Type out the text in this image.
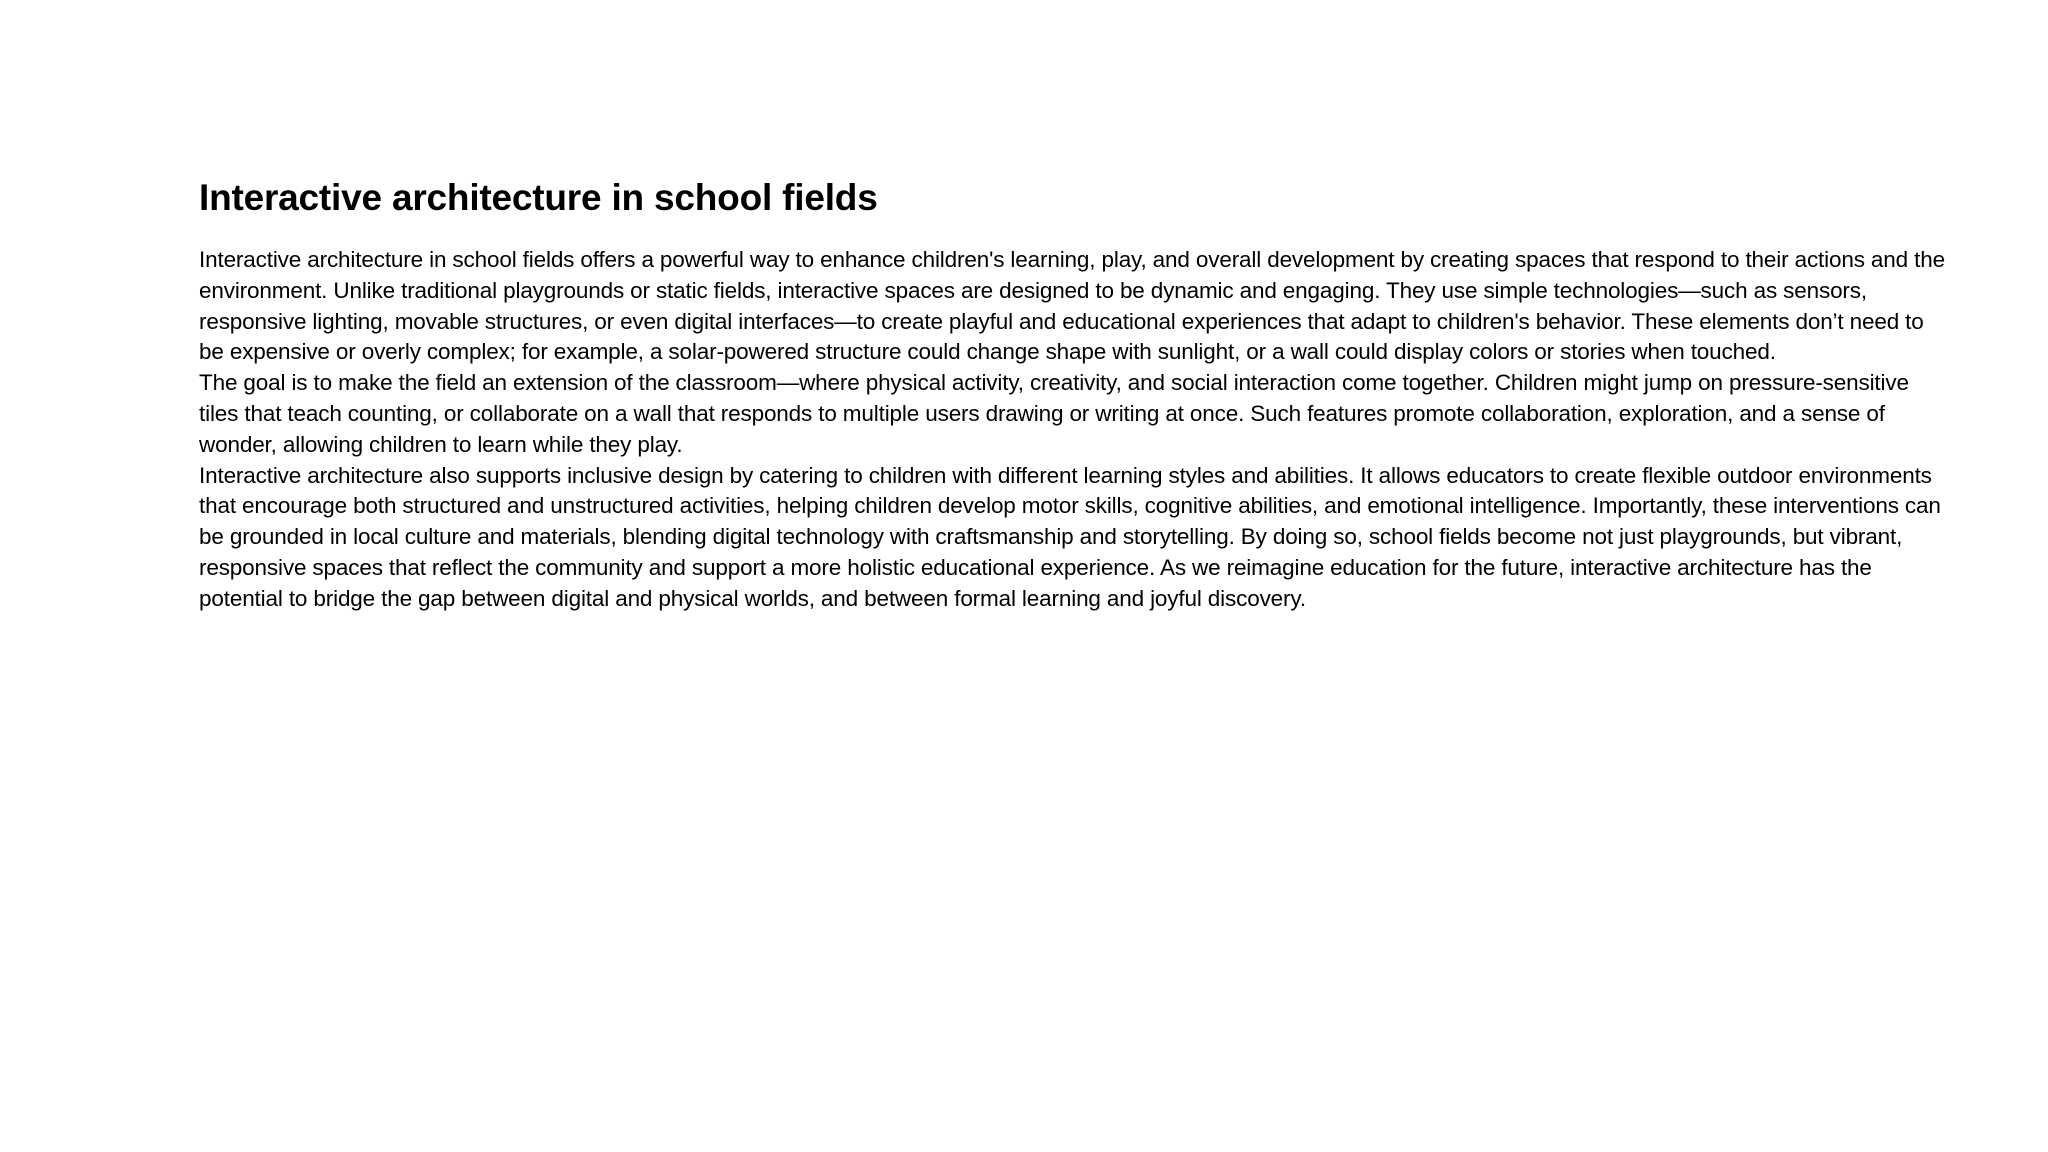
Interactive architecture in school fields

Interactive architecture in school fields offers a powerful way to enhance children's learning, play, and overall development by creating spaces that respond to their actions and the environment. Unlike traditional playgrounds or static fields, interactive spaces are designed to be dynamic and engaging. They use simple technologies—such as sensors, responsive lighting, movable structures, or even digital interfaces—to create playful and educational experiences that adapt to children's behavior. These elements don’t need to be expensive or overly complex; for example, a solar-powered structure could change shape with sunlight, or a wall could display colors or stories when touched.

The goal is to make the field an extension of the classroom—where physical activity, creativity, and social interaction come together. Children might jump on pressure-sensitive tiles that teach counting, or collaborate on a wall that responds to multiple users drawing or writing at once. Such features promote collaboration, exploration, and a sense of wonder, allowing children to learn while they play.

Interactive architecture also supports inclusive design by catering to children with different learning styles and abilities. It allows educators to create flexible outdoor environments that encourage both structured and unstructured activities, helping children develop motor skills, cognitive abilities, and emotional intelligence. Importantly, these interventions can be grounded in local culture and materials, blending digital technology with craftsmanship and storytelling. By doing so, school fields become not just playgrounds, but vibrant, responsive spaces that reflect the community and support a more holistic educational experience. As we reimagine education for the future, interactive architecture has the potential to bridge the gap between digital and physical worlds, and between formal learning and joyful discovery.
